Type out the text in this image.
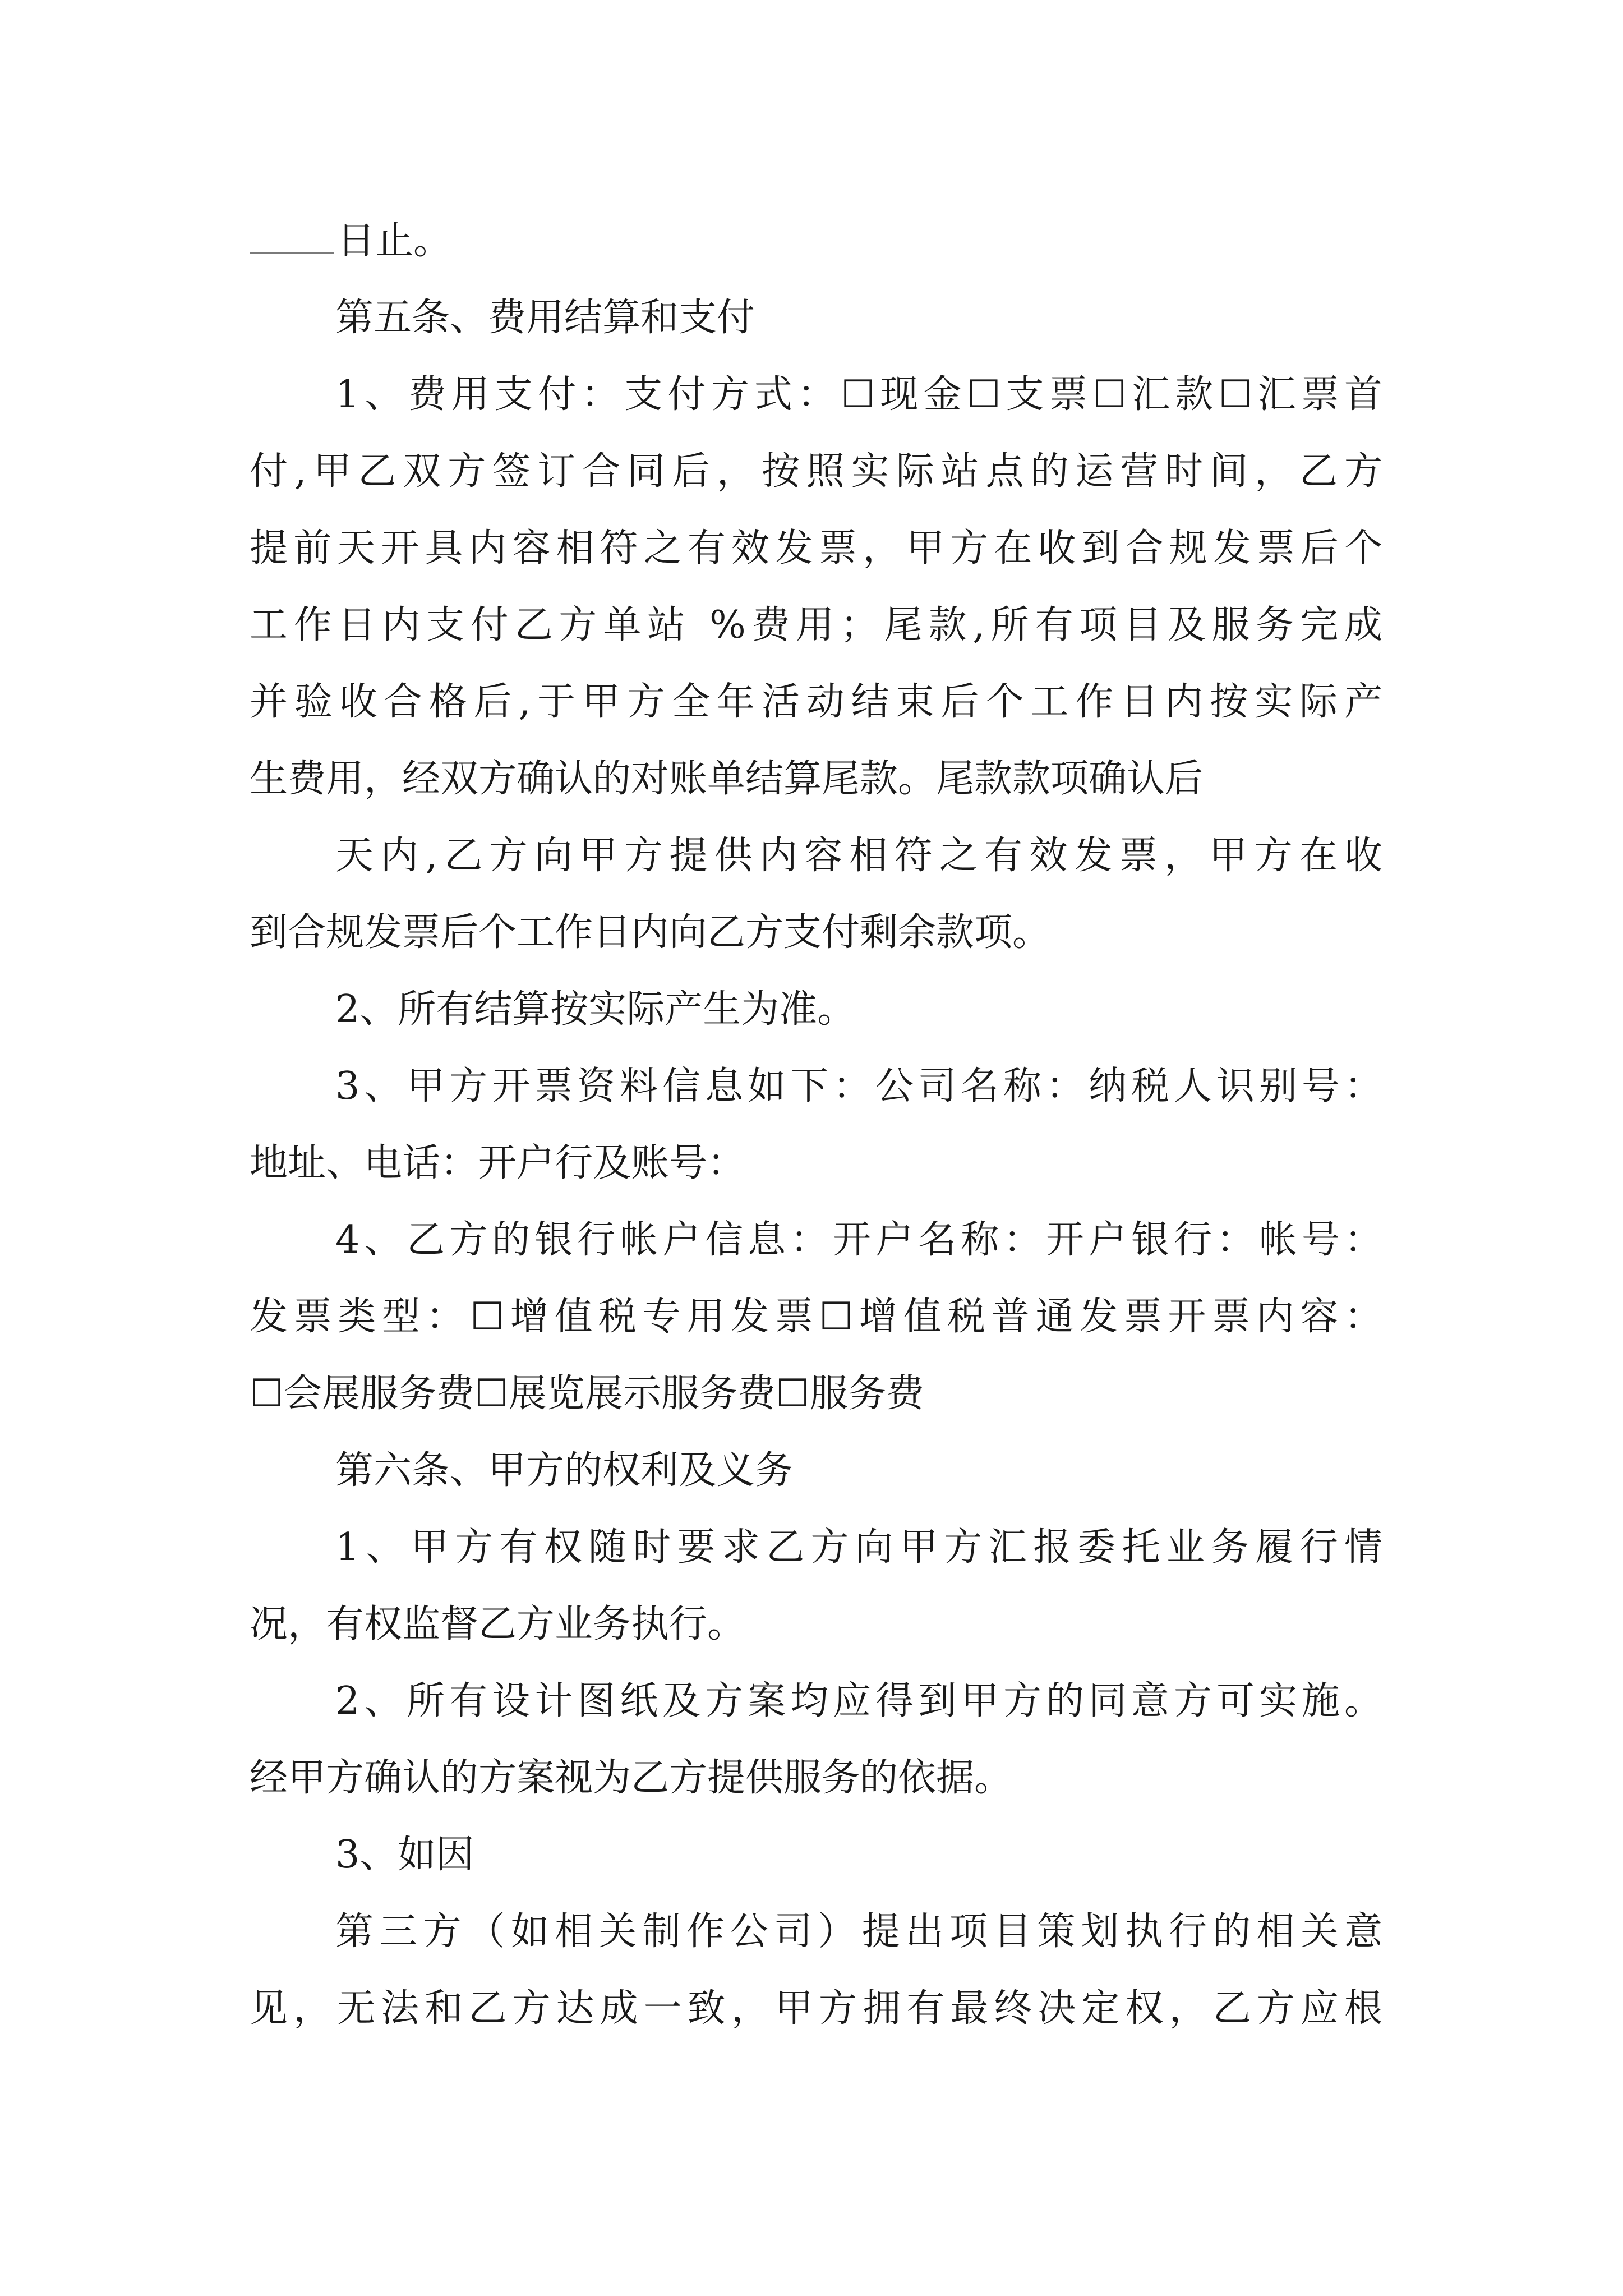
日止。

第五条、费用结算和支付

1、费用支付：支付方式：☐现金☐支票☐汇款☐汇票首

付,甲乙双方签订合同后，按照实际站点的运营时间，乙方

提前天开具内容相符之有效发票，甲方在收到合规发票后个

工作日内支付乙方单站 %费用；尾款,所有项目及服务完成

并验收合格后,于甲方全年活动结束后个工作日内按实际产

生费用，经双方确认的对账单结算尾款。尾款款项确认后

天内,乙方向甲方提供内容相符之有效发票，甲方在收

到合规发票后个工作日内向乙方支付剩余款项。

2、所有结算按实际产生为准。

3、甲方开票资料信息如下：公司名称：纳税人识别号：

地址、电话：开户行及账号：

4、乙方的银行帐户信息：开户名称：开户银行：帐号：

发票类型：☐增值税专用发票☐增值税普通发票开票内容：

☐会展服务费☐展览展示服务费☐服务费

第六条、甲方的权利及义务

1、甲方有权随时要求乙方向甲方汇报委托业务履行情

况，有权监督乙方业务执行。

2、所有设计图纸及方案均应得到甲方的同意方可实施。

经甲方确认的方案视为乙方提供服务的依据。

3、如因

第三方（如相关制作公司）提出项目策划执行的相关意

见，无法和乙方达成一致，甲方拥有最终决定权，乙方应根
